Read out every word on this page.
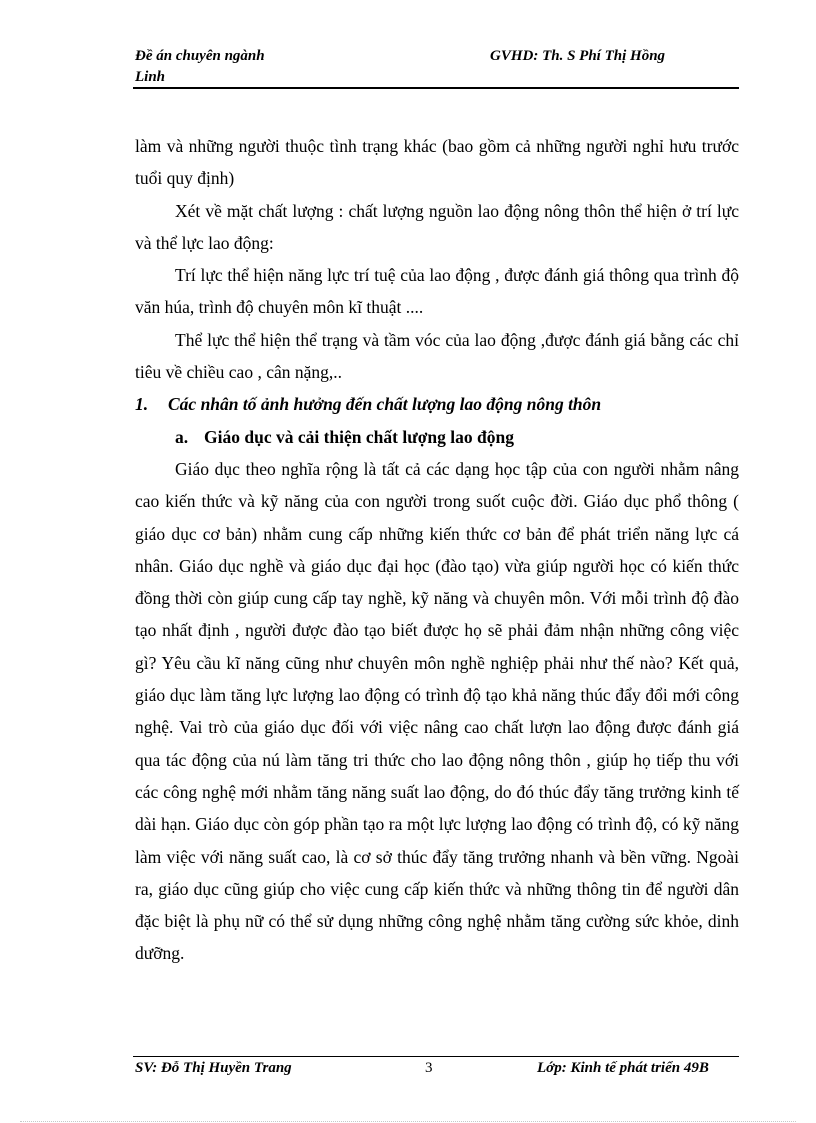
Đề án chuyên ngành
Linh
GVHD: Th. S Phí Thị Hồng

làm và những người thuộc tình trạng khác (bao gồm cả những người nghỉ hưu trước tuổi quy định)

Xét về mặt chất lượng : chất lượng nguồn lao động nông thôn thể hiện ở trí lực và thể lực lao động:

Trí lực thể hiện năng lực trí tuệ của lao động , được đánh giá thông qua trình độ văn húa, trình độ chuyên môn kĩ thuật ....

Thể lực thể hiện thể trạng và tầm vóc của lao động ,được đánh giá bằng các chỉ tiêu về chiều cao , cân nặng,..

1. Các nhân tố ảnh hưởng đến chất lượng lao động nông thôn

a. Giáo dục và cải thiện chất lượng lao động

Giáo dục theo nghĩa rộng là tất cả các dạng học tập của con người nhằm nâng cao kiến thức và kỹ năng của con người trong suốt cuộc đời. Giáo dục phổ thông ( giáo dục cơ bản) nhằm cung cấp những kiến thức cơ bản để phát triển năng lực cá nhân. Giáo dục nghề và giáo dục đại học (đào tạo) vừa giúp người học có kiến thức đồng thời còn giúp cung cấp tay nghề, kỹ năng và chuyên môn. Với mỗi trình độ đào tạo nhất định , người được đào tạo biết được họ sẽ phải đảm nhận những công việc gì? Yêu cầu kĩ năng cũng như chuyên môn nghề nghiệp phải như thế nào? Kết quả, giáo dục làm tăng lực lượng lao động có trình độ tạo khả năng thúc đẩy đổi mới công nghệ. Vai trò của giáo dục đối với việc nâng cao chất lượn lao động được đánh giá qua tác động của nú làm tăng tri thức cho lao động nông thôn , giúp họ tiếp thu với các công nghệ mới nhằm tăng năng suất lao động, do đó thúc đẩy tăng trưởng kinh tế dài hạn. Giáo dục còn góp phần tạo ra một lực lượng lao động có trình độ, có kỹ năng làm việc với năng suất cao, là cơ sở thúc đẩy tăng trưởng nhanh và bền vững. Ngoài ra, giáo dục cũng giúp cho việc cung cấp kiến thức và những thông tin để người dân đặc biệt là phụ nữ có thể sử dụng những công nghệ nhằm tăng cường sức khỏe, dinh dưỡng.

SV: Đỗ Thị Huyền Trang	3	Lớp: Kinh tế phát triển 49B
